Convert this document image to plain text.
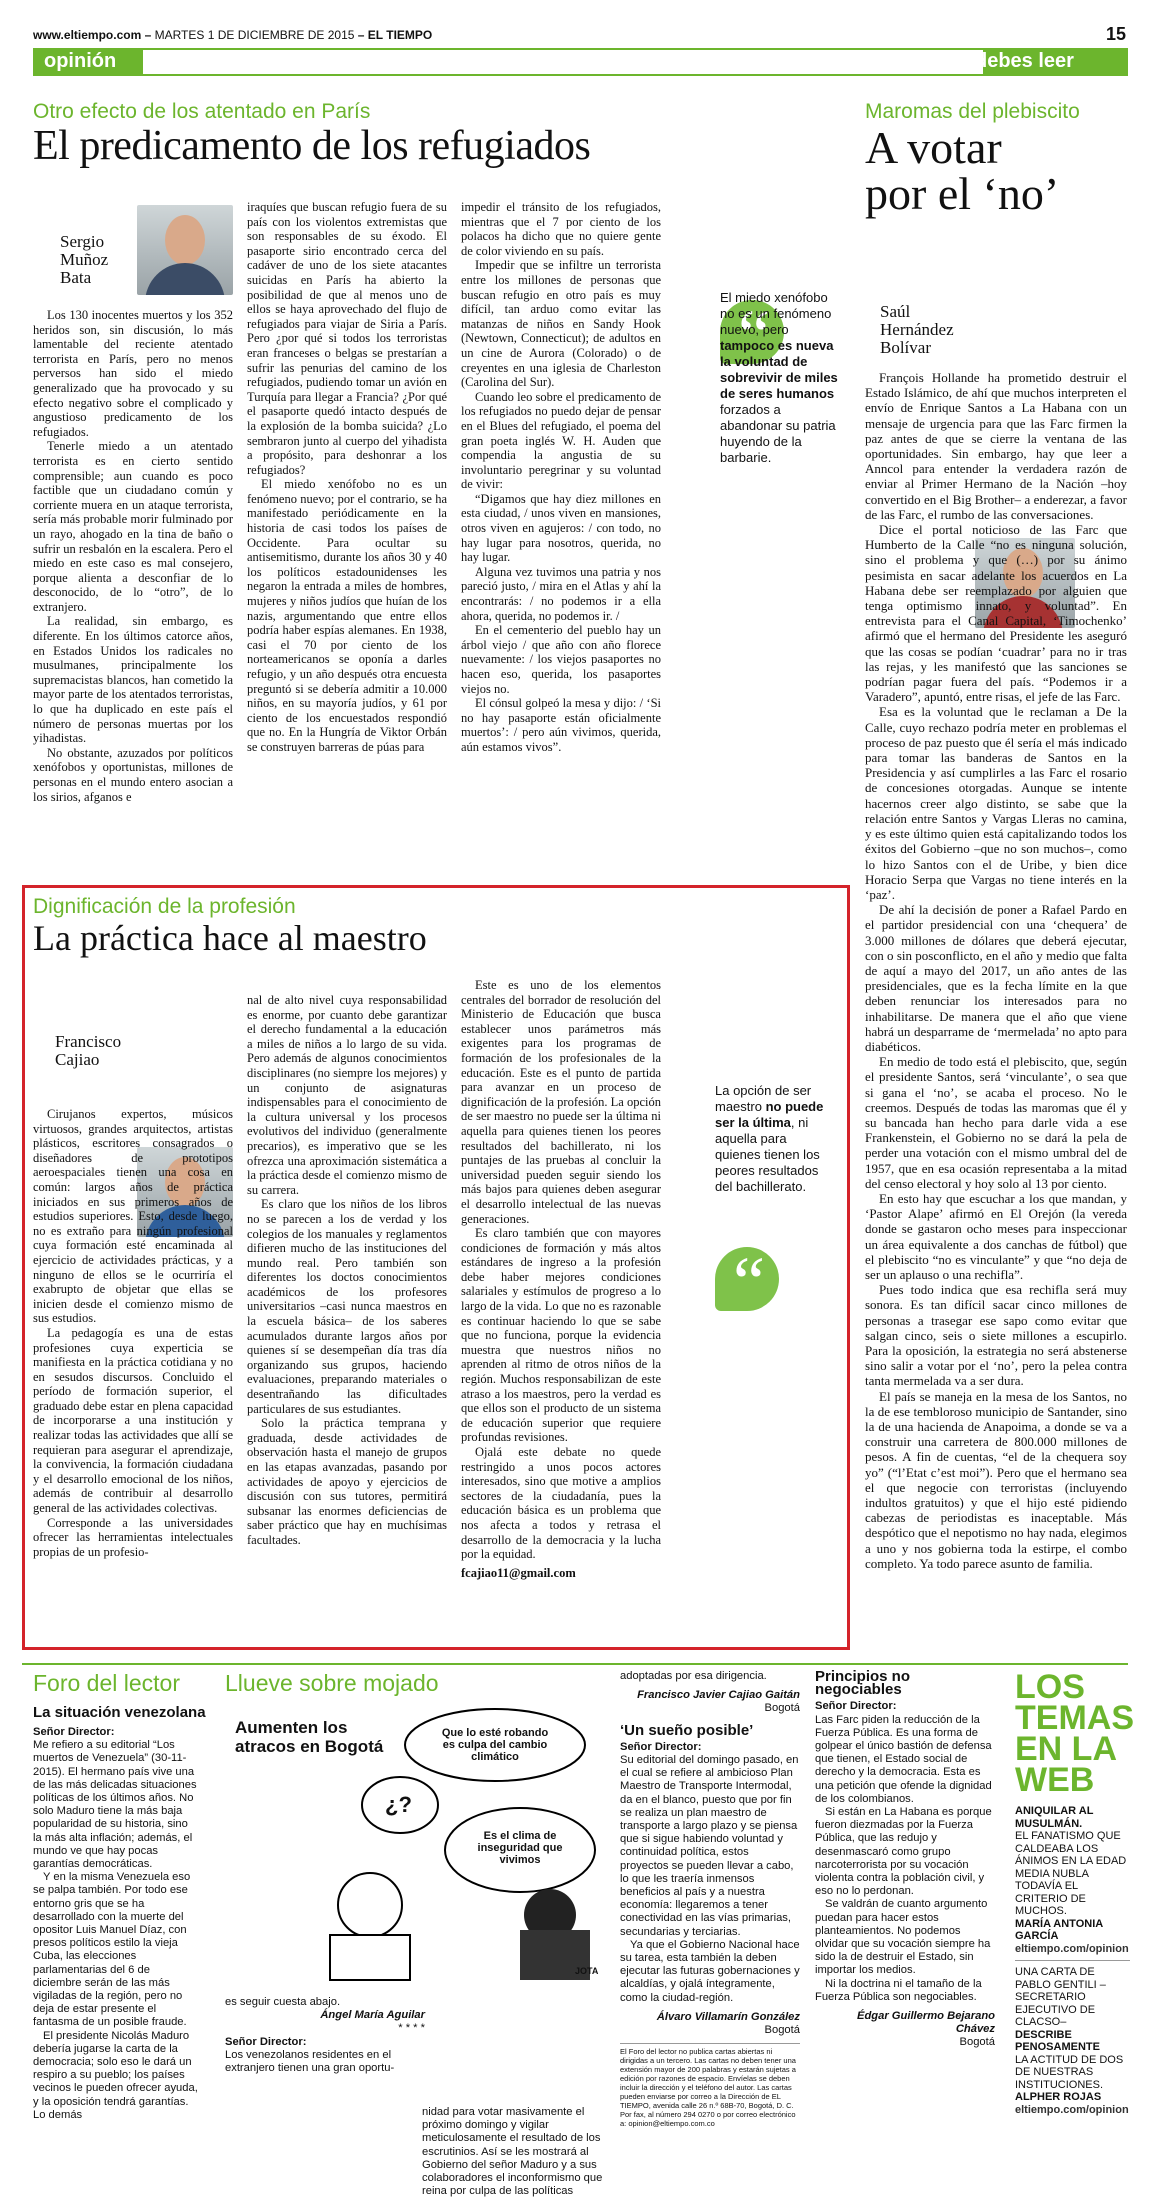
www.eltiempo.com – MARTES 1 DE DICIEMBRE DE 2015 – EL TIEMPO	15
opinión	debes leer
Otro efecto de los atentado en París
El predicamento de los refugiados
Sergio Muñoz Bata

Los 130 inocentes muertos y los 352 heridos son, sin discusión, lo más lamentable del reciente atentado terrorista en París, pero no menos perversos han sido el miedo generalizado que ha provocado y su efecto negativo sobre el complicado y angustioso predicamento de los refugiados.

Tenerle miedo a un atentado terrorista es en cierto sentido comprensible; aun cuando es poco factible que un ciudadano común y corriente muera en un ataque terrorista, sería más probable morir fulminado por un rayo, ahogado en la tina de baño o sufrir un resbalón en la escalera. Pero el miedo en este caso es mal consejero, porque alienta a desconfiar de lo desconocido, de lo “otro”, de lo extranjero.

La realidad, sin embargo, es diferente. En los últimos catorce años, en Estados Unidos los radicales no musulmanes, principalmente los supremacistas blancos, han cometido la mayor parte de los atentados terroristas, lo que ha duplicado en este país el número de personas muertas por los yihadistas.

No obstante, azuzados por políticos xenófobos y oportunistas, millones de personas en el mundo entero asocian a los sirios, afganos e

iraquíes que buscan refugio fuera de su país con los violentos extremistas que son responsables de su éxodo. El pasaporte sirio encontrado cerca del cadáver de uno de los siete atacantes suicidas en París ha abierto la posibilidad de que al menos uno de ellos se haya aprovechado del flujo de refugiados para viajar de Siria a París. Pero ¿por qué si todos los terroristas eran franceses o belgas se prestarían a sufrir las penurias del camino de los refugiados, pudiendo tomar un avión en Turquía para llegar a Francia? ¿Por qué el pasaporte quedó intacto después de la explosión de la bomba suicida? ¿Lo sembraron junto al cuerpo del yihadista a propósito, para deshonrar a los refugiados?

El miedo xenófobo no es un fenómeno nuevo; por el contrario, se ha manifestado periódicamente en la historia de casi todos los países de Occidente. Para ocultar su antisemitismo, durante los años 30 y 40 los políticos estadounidenses les negaron la entrada a miles de hombres, mujeres y niños judíos que huían de los nazis, argumentando que entre ellos podría haber espías alemanes. En 1938, casi el 70 por ciento de los norteamericanos se oponía a darles refugio, y un año después otra encuesta preguntó si se debería admitir a 10.000 niños, en su mayoría judíos, y 61 por ciento de los encuestados respondió que no. En la Hungría de Viktor Orbán se construyen barreras de púas para

impedir el tránsito de los refugiados, mientras que el 7 por ciento de los polacos ha dicho que no quiere gente de color viviendo en su país.

Impedir que se infiltre un terrorista entre los millones de personas que buscan refugio en otro país es muy difícil, tan arduo como evitar las matanzas de niños en Sandy Hook (Newtown, Connecticut); de adultos en un cine de Aurora (Colorado) o de creyentes en una iglesia de Charleston (Carolina del Sur).

Cuando leo sobre el predicamento de los refugiados no puedo dejar de pensar en el Blues del refugiado, el poema del gran poeta inglés W. H. Auden que compendia la angustia de su involuntario peregrinar y su voluntad de vivir:

“Digamos que hay diez millones en esta ciudad, / unos viven en mansiones, otros viven en agujeros: / con todo, no hay lugar para nosotros, querida, no hay lugar.

Alguna vez tuvimos una patria y nos pareció justo, / mira en el Atlas y ahí la encontrarás: / no podemos ir a ella ahora, querida, no podemos ir. /

En el cementerio del pueblo hay un árbol viejo / que año con año florece nuevamente: / los viejos pasaportes no hacen eso, querida, los pasaportes viejos no.

El cónsul golpeó la mesa y dijo: / ‘Si no hay pasaporte están oficialmente muertos’: / pero aún vivimos, querida, aún estamos vivos”.

“
El miedo xenófobo no es un fenómeno nuevo, pero tampoco es nueva la voluntad de sobrevivir de miles de seres humanos forzados a abandonar su patria huyendo de la barbarie.
Dignificación de la profesión
La práctica hace al maestro
Francisco Cajiao

Cirujanos expertos, músicos virtuosos, grandes arquitectos, artistas plásticos, escritores consagrados o diseñadores de prototipos aeroespaciales tienen una cosa en común: largos años de práctica iniciados en sus primeros años de estudios superiores. Esto, desde luego, no es extraño para ningún profesional cuya formación esté encaminada al ejercicio de actividades prácticas, y a ninguno de ellos se le ocurriría el exabrupto de objetar que ellas se inicien desde el comienzo mismo de sus estudios.

La pedagogía es una de estas profesiones cuya experticia se manifiesta en la práctica cotidiana y no en sesudos discursos. Concluido el período de formación superior, el graduado debe estar en plena capacidad de incorporarse a una institución y realizar todas las actividades que allí se requieran para asegurar el aprendizaje, la convivencia, la formación ciudadana y el desarrollo emocional de los niños, además de contribuir al desarrollo general de las actividades colectivas.

Corresponde a las universidades ofrecer las herramientas intelectuales propias de un profesio-

nal de alto nivel cuya responsabilidad es enorme, por cuanto debe garantizar el derecho fundamental a la educación a miles de niños a lo largo de su vida. Pero además de algunos conocimientos disciplinares (no siempre los mejores) y un conjunto de asignaturas indispensables para el conocimiento de la cultura universal y los procesos evolutivos del individuo (generalmente precarios), es imperativo que se les ofrezca una aproximación sistemática a la práctica desde el comienzo mismo de su carrera.

Es claro que los niños de los libros no se parecen a los de verdad y los colegios de los manuales y reglamentos difieren mucho de las instituciones del mundo real. Pero también son diferentes los doctos conocimientos académicos de los profesores universitarios –casi nunca maestros en la escuela básica– de los saberes acumulados durante largos años por quienes sí se desempeñan día tras día organizando sus grupos, haciendo evaluaciones, preparando materiales o desentrañando las dificultades particulares de sus estudiantes.

Solo la práctica temprana y graduada, desde actividades de observación hasta el manejo de grupos en las etapas avanzadas, pasando por actividades de apoyo y ejercicios de discusión con sus tutores, permitirá subsanar las enormes deficiencias de saber práctico que hay en muchísimas facultades.

Este es uno de los elementos centrales del borrador de resolución del Ministerio de Educación que busca establecer unos parámetros más exigentes para los programas de formación de los profesionales de la educación. Este es el punto de partida para avanzar en un proceso de dignificación de la profesión. La opción de ser maestro no puede ser la última ni aquella para quienes tienen los peores resultados del bachillerato, ni los puntajes de las pruebas al concluir la universidad pueden seguir siendo los más bajos para quienes deben asegurar el desarrollo intelectual de las nuevas generaciones.

Es claro también que con mayores condiciones de formación y más altos estándares de ingreso a la profesión debe haber mejores condiciones salariales y estímulos de progreso a lo largo de la vida. Lo que no es razonable es continuar haciendo lo que se sabe que no funciona, porque la evidencia muestra que nuestros niños no aprenden al ritmo de otros niños de la región. Muchos responsabilizan de este atraso a los maestros, pero la verdad es que ellos son el producto de un sistema de educación superior que requiere profundas revisiones.

Ojalá este debate no quede restringido a unos pocos actores interesados, sino que motive a amplios sectores de la ciudadanía, pues la educación básica es un problema que nos afecta a todos y retrasa el desarrollo de la democracia y la lucha por la equidad.

fcajiao11@gmail.com

“
La opción de ser maestro no puede ser la última, ni aquella para quienes tienen los peores resultados del bachillerato.
Maromas del plebiscito
A votar
por el ‘no’
Saúl Hernández Bolívar

François Hollande ha prometido destruir el Estado Islámico, de ahí que muchos interpreten el envío de Enrique Santos a La Habana con un mensaje de urgencia para que las Farc firmen la paz antes de que se cierre la ventana de las oportunidades. Sin embargo, hay que leer a Anncol para entender la verdadera razón de enviar al Primer Hermano de la Nación –hoy convertido en el Big Brother– a enderezar, a favor de las Farc, el rumbo de las conversaciones.

Dice el portal noticioso de las Farc que Humberto de la Calle “no es ninguna solución, sino el problema y que (…) por su ánimo pesimista en sacar adelante los acuerdos en La Habana debe ser reemplazado por alguien que tenga optimismo innato, y voluntad”. En entrevista para el Canal Capital, ‘Timochenko’ afirmó que el hermano del Presidente les aseguró que las cosas se podían ‘cuadrar’ para no ir tras las rejas, y les manifestó que las sanciones se podrían pagar fuera del país. “Podemos ir a Varadero”, apuntó, entre risas, el jefe de las Farc.

Esa es la voluntad que le reclaman a De la Calle, cuyo rechazo podría meter en problemas el proceso de paz puesto que él sería el más indicado para tomar las banderas de Santos en la Presidencia y así cumplirles a las Farc el rosario de concesiones otorgadas. Aunque se intente hacernos creer algo distinto, se sabe que la relación entre Santos y Vargas Lleras no camina, y es este último quien está capitalizando todos los éxitos del Gobierno –que no son muchos–, como lo hizo Santos con el de Uribe, y bien dice Horacio Serpa que Vargas no tiene interés en la ‘paz’.

De ahí la decisión de poner a Rafael Pardo en el partidor presidencial con una ‘chequera’ de 3.000 millones de dólares que deberá ejecutar, con o sin posconflicto, en el año y medio que falta de aquí a mayo del 2017, un año antes de las presidenciales, que es la fecha límite en la que deben renunciar los interesados para no inhabilitarse. De manera que el año que viene habrá un desparrame de ‘mermelada’ no apto para diabéticos.

En medio de todo está el plebiscito, que, según el presidente Santos, será ‘vinculante’, o sea que si gana el ‘no’, se acaba el proceso. No le creemos. Después de todas las maromas que él y su bancada han hecho para darle vida a ese Frankenstein, el Gobierno no se dará la pela de perder una votación con el mismo umbral del de 1957, que en esa ocasión representaba a la mitad del censo electoral y hoy solo al 13 por ciento.

En esto hay que escuchar a los que mandan, y ‘Pastor Alape’ afirmó en El Orejón (la vereda donde se gastaron ocho meses para inspeccionar un área equivalente a dos canchas de fútbol) que el plebiscito “no es vinculante” y que “no deja de ser un aplauso o una rechifla”.

Pues todo indica que esa rechifla será muy sonora. Es tan difícil sacar cinco millones de personas a trasegar ese sapo como evitar que salgan cinco, seis o siete millones a escupirlo. Para la oposición, la estrategia no será abstenerse sino salir a votar por el ‘no’, pero la pelea contra tanta mermelada va a ser dura.

El país se maneja en la mesa de los Santos, no la de ese tembloroso municipio de Santander, sino la de una hacienda de Anapoima, a donde se va a construir una carretera de 800.000 millones de pesos. A fin de cuentas, “el de la chequera soy yo” (“l’Etat c’est moi”). Pero que el hermano sea el que negocie con terroristas (incluyendo indultos gratuitos) y que el hijo esté pidiendo cabezas de periodistas es inaceptable. Más despótico que el nepotismo no hay nada, elegimos a uno y nos gobierna toda la estirpe, el combo completo. Ya todo parece asunto de familia.

Foro del lector
La situación venezolana
Señor Director:

Me refiero a su editorial “Los muertos de Venezuela” (30-11-2015). El hermano país vive una de las más delicadas situaciones políticas de los últimos años. No solo Maduro tiene la más baja popularidad de su historia, sino la más alta inflación; además, el mundo ve que hay pocas garantías democráticas.

Y en la misma Venezuela eso se palpa también. Por todo ese entorno gris que se ha desarrollado con la muerte del opositor Luis Manuel Díaz, con presos políticos estilo la vieja Cuba, las elecciones parlamentarias del 6 de diciembre serán de las más vigiladas de la región, pero no deja de estar presente el fantasma de un posible fraude.

El presidente Nicolás Maduro debería jugarse la carta de la democracia; solo eso le dará un respiro a su pueblo; los países vecinos le pueden ofrecer ayuda, y la oposición tendrá garantías. Lo demás

Llueve sobre mojado
Aumenten los atracos en Bogotá
Que lo esté robando es culpa del cambio climático
¿?
Es el clima de inseguridad que vivimos
JOTA
es seguir cuesta abajo.
Ángel María Aguilar
* * * *
Señor Director:

Los venezolanos residentes en el extranjero tienen una gran oportu-

nidad para votar masivamente el próximo domingo y vigilar meticulosamente el resultado de los escrutinios. Así se les mostrará al Gobierno del señor Maduro y a sus colaboradores el inconformismo que reina por culpa de las políticas
adoptadas por esa dirigencia.
Francisco Javier Cajiao Gaitán
Bogotá
‘Un sueño posible’
Señor Director:

Su editorial del domingo pasado, en el cual se refiere al ambicioso Plan Maestro de Transporte Intermodal, da en el blanco, puesto que por fin se realiza un plan maestro de transporte a largo plazo y se piensa que si sigue habiendo voluntad y continuidad política, estos proyectos se pueden llevar a cabo, lo que les traería inmensos beneficios al país y a nuestra economía: llegaremos a tener conectividad en las vías primarias, secundarias y terciarias.

Ya que el Gobierno Nacional hace su tarea, esta también la deben ejecutar las futuras gobernaciones y alcaldías, y ojalá íntegramente, como la ciudad-región.

Álvaro Villamarín González
Bogotá
El Foro del lector no publica cartas abiertas ni dirigidas a un tercero. Las cartas no deben tener una extensión mayor de 200 palabras y estarán sujetas a edición por razones de espacio. Envíelas se deben incluir la dirección y el teléfono del autor. Las cartas pueden enviarse por correo a la Dirección de EL TIEMPO, avenida calle 26 n.º 68B-70, Bogotá, D. C. Por fax, al número 294 0270 o por correo electrónico a: opinion@eltiempo.com.co
Principios no negociables
Señor Director:

Las Farc piden la reducción de la Fuerza Pública. Es una forma de golpear el único bastión de defensa que tienen, el Estado social de derecho y la democracia. Esta es una petición que ofende la dignidad de los colombianos.

Si están en La Habana es porque fueron diezmadas por la Fuerza Pública, que las redujo y desenmascaró como grupo narcoterrorista por su vocación violenta contra la población civil, y eso no lo perdonan.

Se valdrán de cuanto argumento puedan para hacer estos planteamientos. No podemos olvidar que su vocación siempre ha sido la de destruir el Estado, sin importar los medios.

Ni la doctrina ni el tamaño de la Fuerza Pública son negociables.

Édgar Guillermo Bejarano Chávez
Bogotá
LOS
TEMAS
EN LA
WEB
ANIQUILAR AL MUSULMÁN.
EL FANATISMO QUE CALDEABA LOS ÁNIMOS EN LA EDAD MEDIA NUBLA TODAVÍA EL CRITERIO DE MUCHOS.
MARÍA ANTONIA GARCÍA
eltiempo.com/opinion
UNA CARTA DE PABLO GENTILI –SECRETARIO EJECUTIVO DE CLACSO–
DESCRIBE PENOSAMENTE
LA ACTITUD DE DOS DE NUESTRAS INSTITUCIONES.
ALPHER ROJAS
eltiempo.com/opinion
